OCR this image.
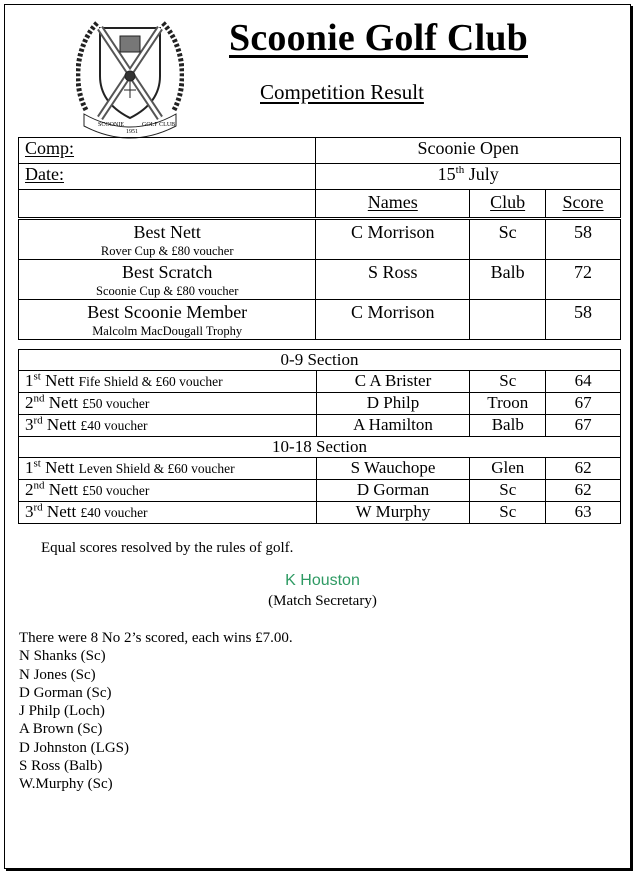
SCOONIE
1951
GOLF CLUB
Scoonie Golf Club
Competition Result
Comp:	Scoonie Open		
Date:	15th July		
	Names	Club	Score
Best Nett
Rover Cup & £80 voucher	C Morrison	Sc	58
Best Scratch
Scoonie Cup & £80 voucher	S Ross	Balb	72
Best Scoonie Member
Malcolm MacDougall Trophy	C Morrison		58
0-9 Section			
1st Nett Fife Shield & £60 voucher	C A Brister	Sc	64
2nd Nett £50 voucher	D Philp	Troon	67
3rd Nett £40 voucher	A Hamilton	Balb	67
10-18 Section			
1st Nett Leven Shield & £60 voucher	S Wauchope	Glen	62
2nd Nett £50 voucher	D Gorman	Sc	62
3rd Nett £40 voucher	W Murphy	Sc	63
Equal scores resolved by the rules of golf.
K Houston
(Match Secretary)
There were 8 No 2’s scored, each wins £7.00.
N Shanks (Sc)
N Jones (Sc)
D Gorman (Sc)
J Philp (Loch)
A Brown (Sc)
D Johnston (LGS)
S Ross (Balb)
W.Murphy (Sc)
